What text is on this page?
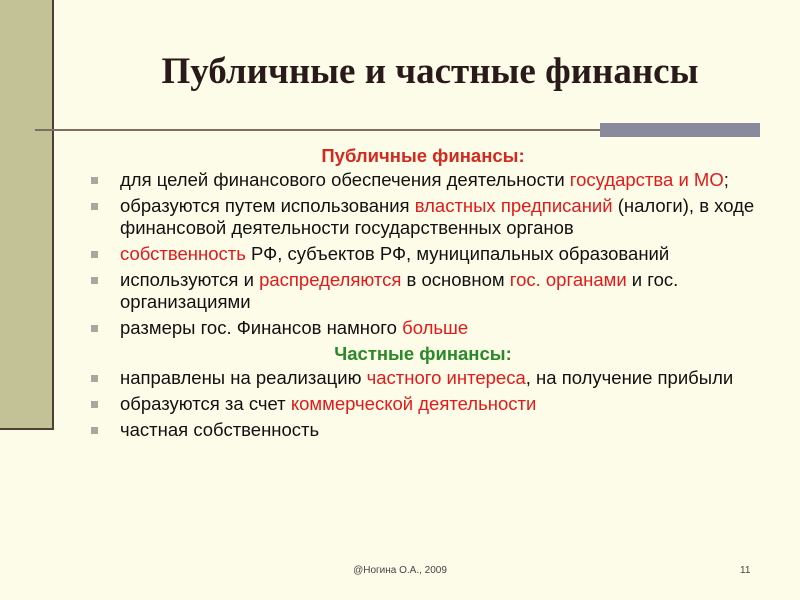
Публичные и частные финансы
Публичные финансы:
для целей финансового обеспечения деятельности государства и МО;
образуются путем использования властных предписаний (налоги), в ходе финансовой деятельности государственных органов
собственность РФ, субъектов РФ, муниципальных образований
используются и распределяются в основном гос. органами и гос. организациями
размеры гос. Финансов намного больше
Частные финансы:
направлены на реализацию частного интереса, на получение прибыли
образуются за счет коммерческой деятельности
частная собственность
@Ногина О.А., 2009	11
